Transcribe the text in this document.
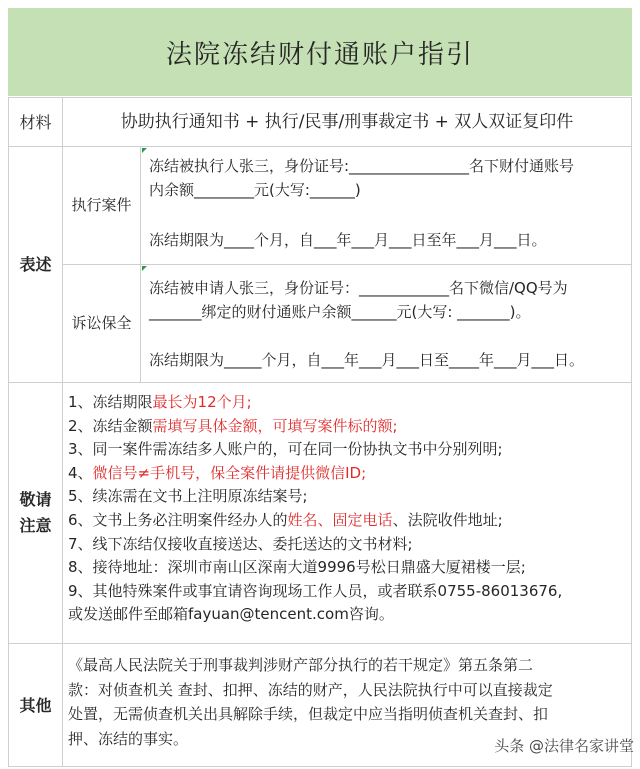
法院冻结财付通账户指引
材料	协助执行通知书 + 执行/民事/刑事裁定书 + 双人双证复印件
表述
执行案件
冻结被执行人张三，身份证号:________________名下财付通账号
内余额________元(大写:______)
冻结期限为____个月，自___年___月___日至年___月___日。
诉讼保全
冻结被申请人张三，身份证号：____________名下微信/QQ号为
_______绑定的财付通账户余额______元(大写: _______)。
冻结期限为_____个月，自___年___月___日至____年___月___日。
敬请
注意
1、冻结期限最长为12个月;
2、冻结金额需填写具体金额，可填写案件标的额;
3、同一案件需冻结多人账户的，可在同一份协执文书中分别列明;
4、微信号≠手机号，保全案件请提供微信ID;
5、续冻需在文书上注明原冻结案号;
6、文书上务必注明案件经办人的姓名、固定电话、法院收件地址;
7、线下冻结仅接收直接送达、委托送达的文书材料;
8、接待地址：深圳市南山区深南大道9996号松日鼎盛大厦裙楼一层;
9、其他特殊案件或事宜请咨询现场工作人员，或者联系0755-86013676,
或发送邮件至邮箱fayuan@tencent.com咨询。
其他
《最高人民法院关于刑事裁判涉财产部分执行的若干规定》第五条第二
款：对侦查机关 查封、扣押、冻结的财产，人民法院执行中可以直接裁定
处置，无需侦查机关出具解除手续，但裁定中应当指明侦查机关查封、扣
押、冻结的事实。	头条 @法律名家讲堂
